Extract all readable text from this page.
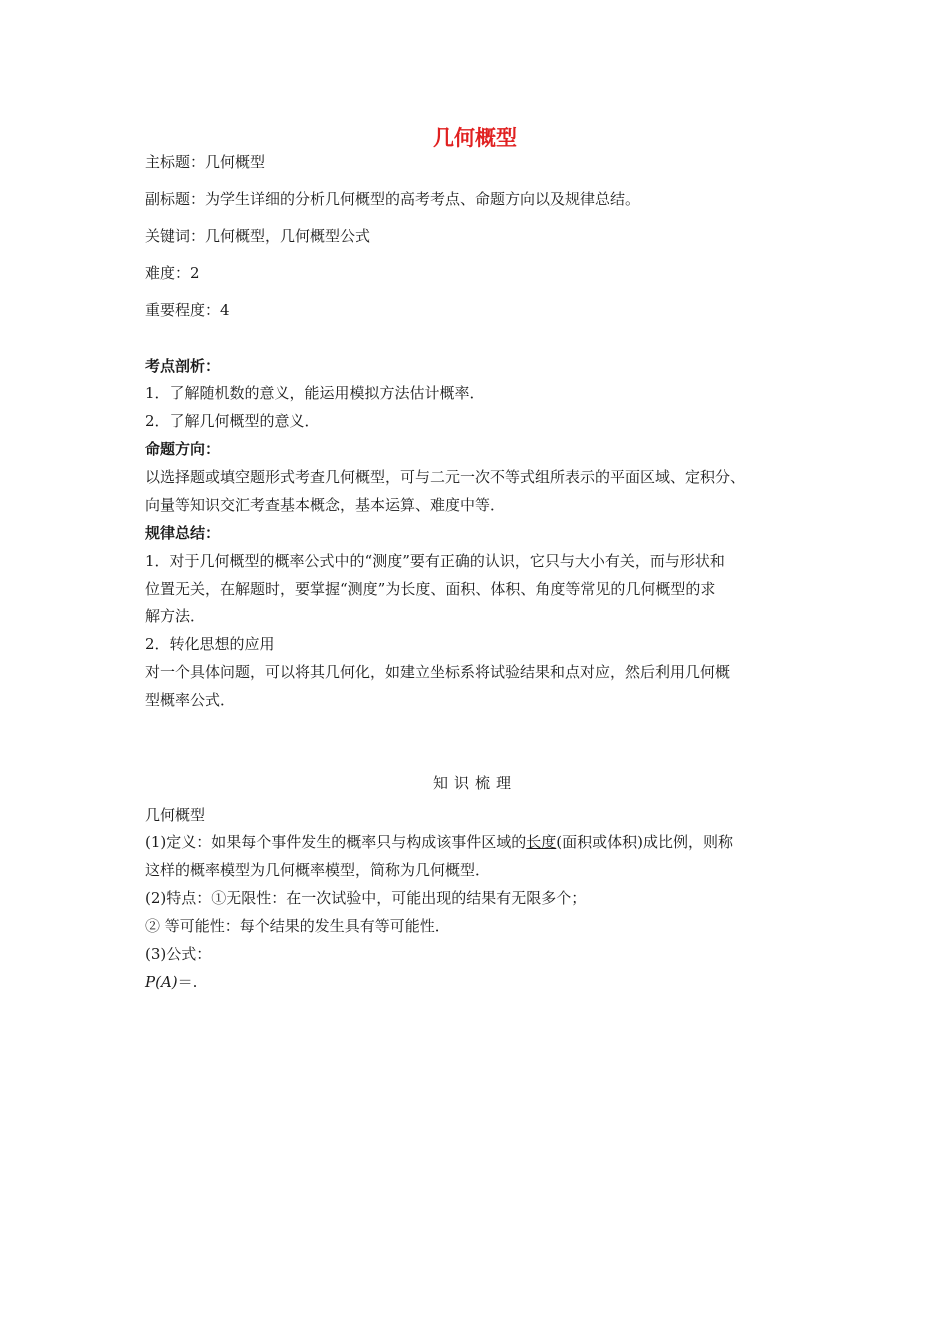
几何概型
主标题：几何概型
副标题：为学生详细的分析几何概型的高考考点、命题方向以及规律总结。
关键词：几何概型，几何概型公式
难度：2
重要程度：4
考点剖析：
1．了解随机数的意义，能运用模拟方法估计概率．
2．了解几何概型的意义．
命题方向：
以选择题或填空题形式考查几何概型，可与二元一次不等式组所表示的平面区域、定积分、
向量等知识交汇考查基本概念，基本运算、难度中等．
规律总结：
1．对于几何概型的概率公式中的“测度”要有正确的认识，它只与大小有关，而与形状和
位置无关，在解题时，要掌握“测度”为长度、面积、体积、角度等常见的几何概型的求
解方法．
2．转化思想的应用
对一个具体问题，可以将其几何化，如建立坐标系将试验结果和点对应，然后利用几何概
型概率公式．
知识梳理
几何概型
(1)定义：如果每个事件发生的概率只与构成该事件区域的长度(面积或体积)成比例，则称
这样的概率模型为几何概率模型，简称为几何概型．
(2)特点：①无限性：在一次试验中，可能出现的结果有无限多个；
② 等可能性：每个结果的发生具有等可能性．
(3)公式：
P(A)＝.
